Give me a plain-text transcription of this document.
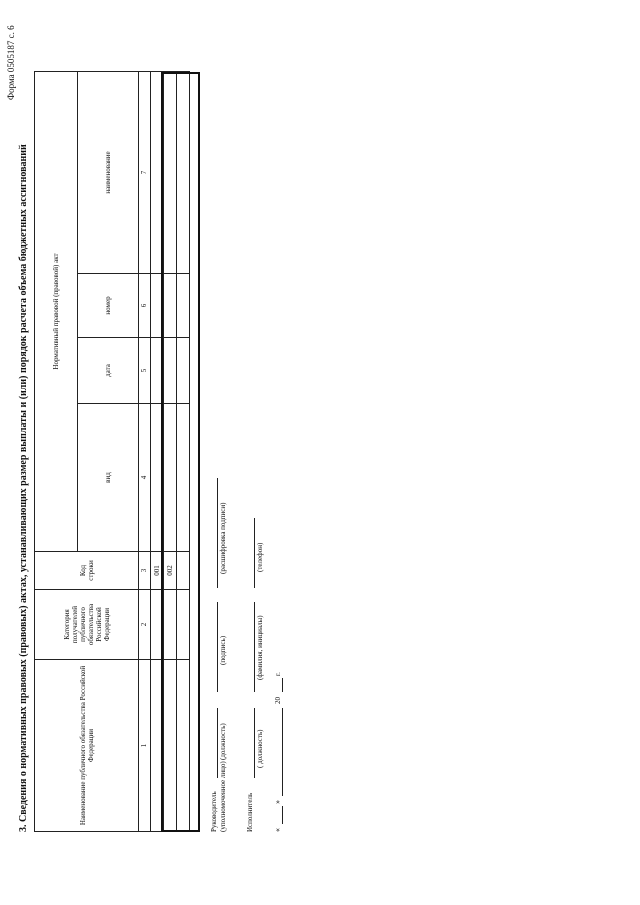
Форма 0505187 с. 6
3. Сведения о нормативных правовых (правовых) актах, устанавливающих размер выплаты и (или) порядок расчета объема бюджетных ассигнований	Наименование публичного обязательства Российской Федерации	Категория получателей публичного обязательства Российской Федерации	Код строки	Нормативный правовой (правовой) акт			
			вид	дата	номер	наименование
1	2	3	4	5	6	7
		001				
		002				

Руководитель (уполномоченное лицо)
(должность)
(подпись)
(расшифровка подписи)
Исполнитель
( должность)
(фамилия, инициалы)
(телефон)
«
»
20
г.
